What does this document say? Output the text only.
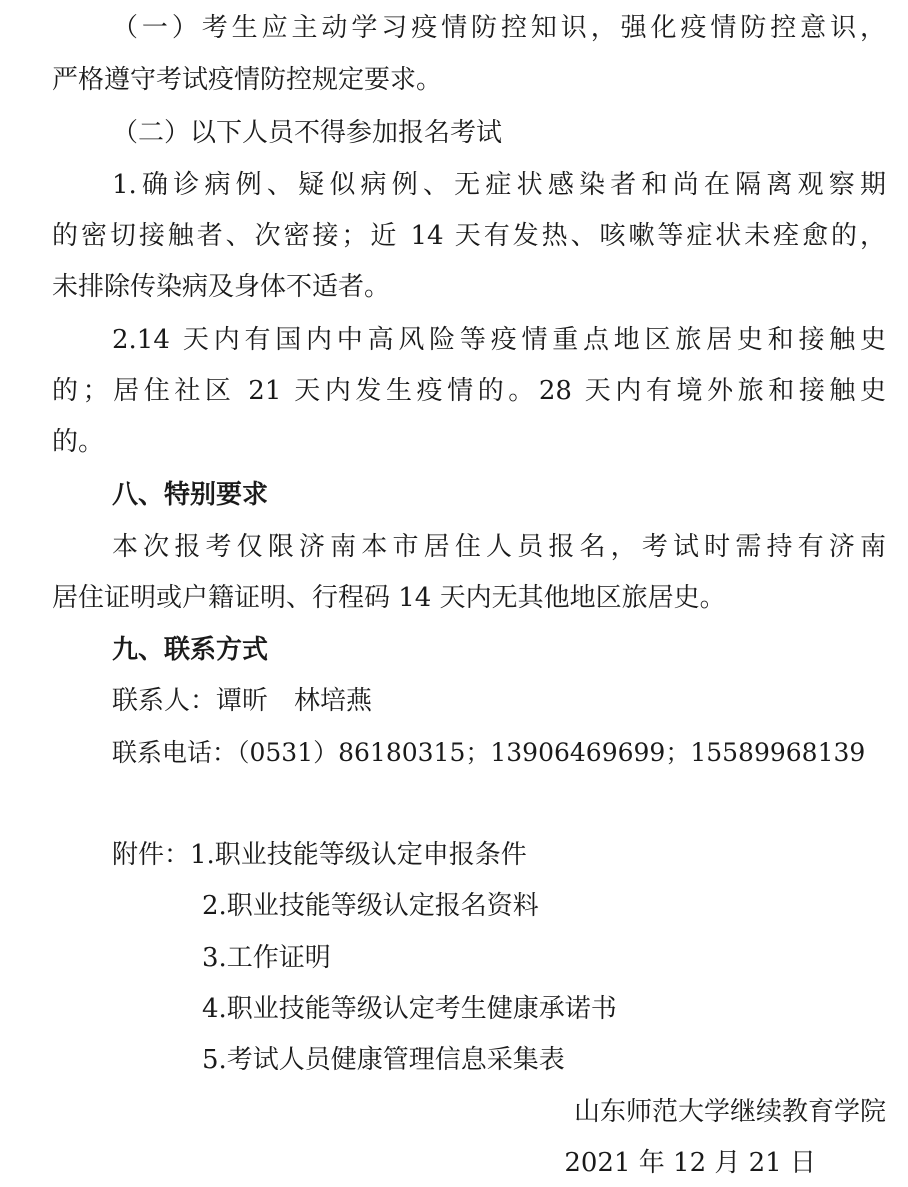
（一）考生应主动学习疫情防控知识，强化疫情防控意识，
严格遵守考试疫情防控规定要求。
（二）以下人员不得参加报名考试
1.确诊病例、疑似病例、无症状感染者和尚在隔离观察期
的密切接触者、次密接；近 14 天有发热、咳嗽等症状未痊愈的，
未排除传染病及身体不适者。
2.14 天内有国内中高风险等疫情重点地区旅居史和接触史
的；居住社区 21 天内发生疫情的。28 天内有境外旅和接触史
的。
八、特别要求
本次报考仅限济南本市居住人员报名，考试时需持有济南
居住证明或户籍证明、行程码 14 天内无其他地区旅居史。
九、联系方式
联系人：谭昕　林培燕
联系电话：（0531）86180315；13906469699；15589968139
附件：1.职业技能等级认定申报条件
2.职业技能等级认定报名资料
3.工作证明
4.职业技能等级认定考生健康承诺书
5.考试人员健康管理信息采集表
山东师范大学继续教育学院
2021 年 12 月 21 日
